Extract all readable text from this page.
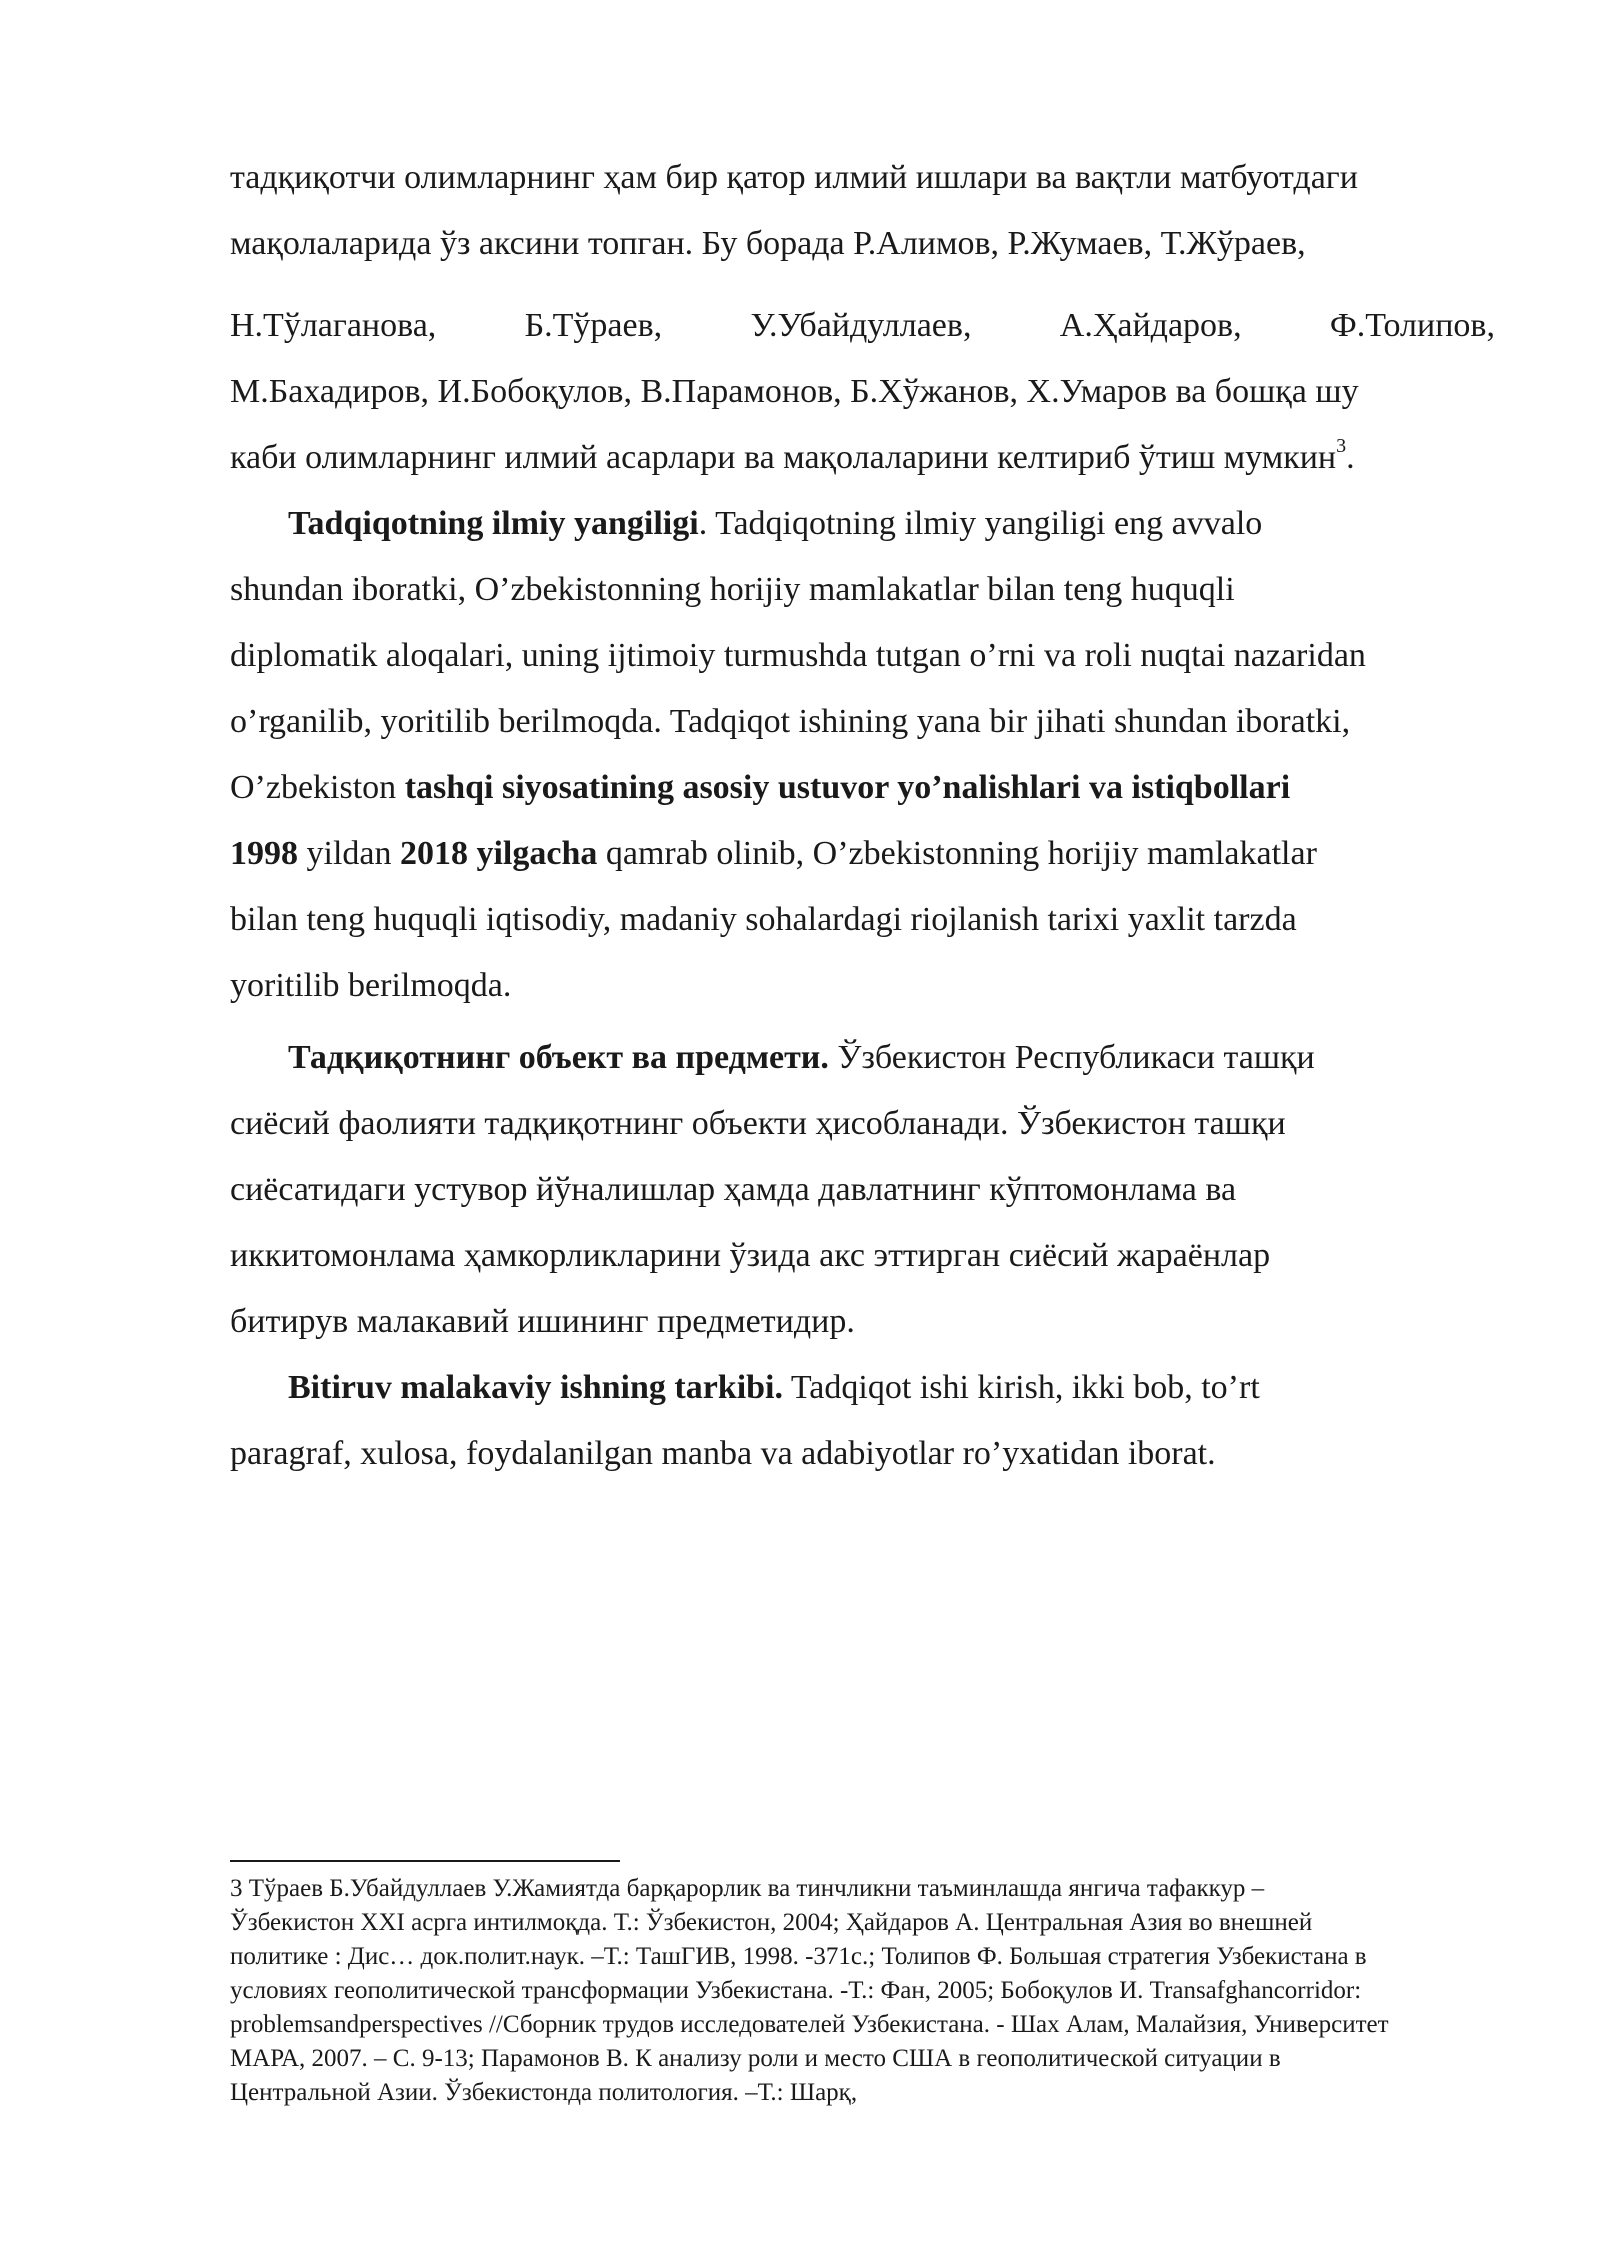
тадқиқотчи олимларнинг ҳам бир қатор илмий ишлари ва вақтли матбуотдаги
мақолаларида ўз аксини топган. Бу борада Р.Алимов, Р.Жумаев, Т.Жўраев,
Н.Тўлаганова,	Б.Тўраев,	У.Убайдуллаев,	А.Ҳайдаров,	Ф.Толипов,
М.Бахадиров, И.Бобоқулов, В.Парамонов, Б.Хўжанов, Х.Умаров ва бошқа шу
каби олимларнинг илмий асарлари ва мақолаларини келтириб ўтиш мумкин$^3$.
Tadqiqotning ilmiy yangiligi. Tadqiqotning ilmiy yangiligi eng avvalo
shundan iboratki, O’zbekistonning horijiy mamlakatlar bilan teng huquqli
diplomatik aloqalari, uning ijtimoiy turmushda tutgan o’rni va roli nuqtai nazaridan
o’rganilib, yoritilib berilmoqda. Tadqiqot ishining yana bir jihati shundan iboratki,
O’zbekiston tashqi siyosatining asosiy ustuvor yo’nalishlari va istiqbollari
1998 yildan 2018 yilgacha qamrab olinib, O’zbekistonning horijiy mamlakatlar
bilan teng huquqli iqtisodiy, madaniy sohalardagi riojlanish tarixi yaxlit tarzda
yoritilib berilmoqda.
Тадқиқотнинг объект ва предмети. Ўзбекистон Республикаси ташқи
сиёсий фаолияти тадқиқотнинг объекти ҳисобланади. Ўзбекистон ташқи
сиёсатидаги устувор йўналишлар ҳамда давлатнинг кўптомонлама ва
иккитомонлама ҳамкорликларини ўзида акс эттирган сиёсий жараёнлар
битирув малакавий ишининг предметидир.
Bitiruv malakaviy ishning tarkibi. Tadqiqot ishi kirish, ikki bob, to’rt
paragraf, xulosa, foydalanilgan manba va adabiyotlar ro’yxatidan iborat.
3 Тўраев Б.Убайдуллаев У.Жамиятда барқарорлик ва тинчликни таъминлашда янгича тафаккур –
Ўзбекистон XXI асрга интилмоқда. Т.: Ўзбекистон, 2004; Ҳайдаров А. Центральная Азия во внешней
политике : Дис… док.полит.наук. –Т.: ТашГИВ, 1998. -371с.; Толипов Ф. Большая стратегия Узбекистана в
условиях геополитической трансформации Узбекистана. -Т.: Фан, 2005; Бобоқулов И. Transafghancorridor:
problemsandperspectives //Сборник трудов исследователей Узбекистана. - Шах Алам, Малайзия, Университет
МАРА, 2007. – С. 9-13; Парамонов В. К анализу роли и место США в геополитической ситуации в
Центральной Азии. Ўзбекистонда политология. –Т.: Шарқ,
